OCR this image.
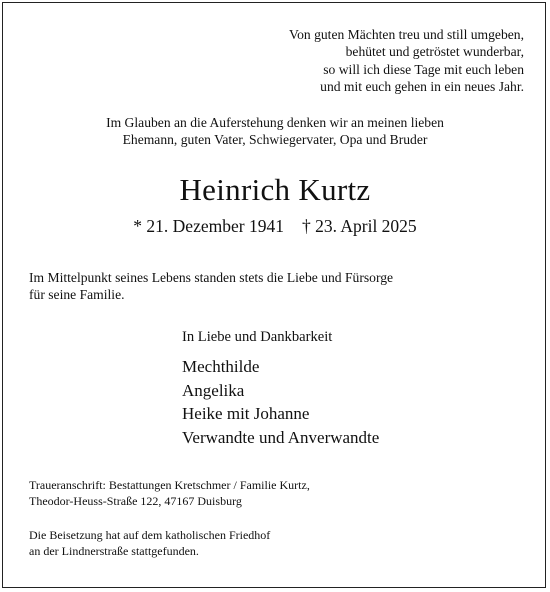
Von guten Mächten treu und still umgeben,
behütet und getröstet wunderbar,
so will ich diese Tage mit euch leben
und mit euch gehen in ein neues Jahr.
Im Glauben an die Auferstehung denken wir an meinen lieben
Ehemann, guten Vater, Schwiegervater, Opa und Bruder
Heinrich Kurtz
* 21. Dezember 1941 † 23. April 2025
Im Mittelpunkt seines Lebens standen stets die Liebe und Fürsorge
für seine Familie.
In Liebe und Dankbarkeit
Mechthilde
Angelika
Heike mit Johanne
Verwandte und Anverwandte
Traueranschrift: Bestattungen Kretschmer / Familie Kurtz,
Theodor-Heuss-Straße 122, 47167 Duisburg
Die Beisetzung hat auf dem katholischen Friedhof
an der Lindnerstraße stattgefunden.
